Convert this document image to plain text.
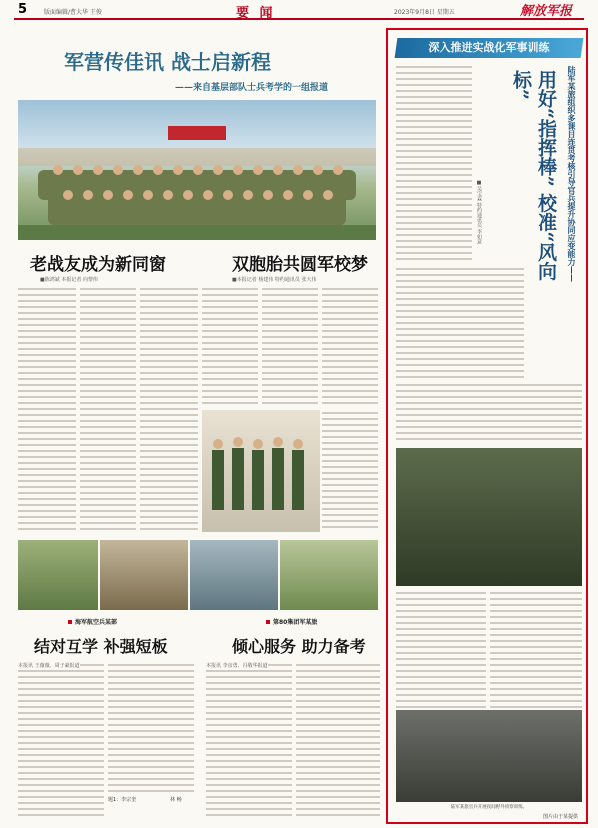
5	版面编辑/曹大华 王俊	要 闻	2023年9月8日 星期五	解放军报
军营传佳讯 战士启新程
——来自基层部队士兵考学的一组报道
老战友成为新同窗
■陈鸿斌 本报记者 向黎伟
双胞胎共圆军校梦
■本报记者 杨建伟 特约通讯员 张大伟
海军航空兵某部	第80集团军某旅
结对互学 补强短板	倾心服务 助力备考
本报讯 王薇薇、周子豪报道
题1：李宗奎	林 畅
本报讯 李彦勇、冯敬华报道
深入推进实战化军事训练
陆军某旅组织多课目连贯考核引导官兵提升协同应变能力——
用好“指挥棒” 校准“风向标”
■吴宝霖 特约通讯员 李如意
陆军某旅官兵开展夜间野外侦察训练。
图片由于某提供
